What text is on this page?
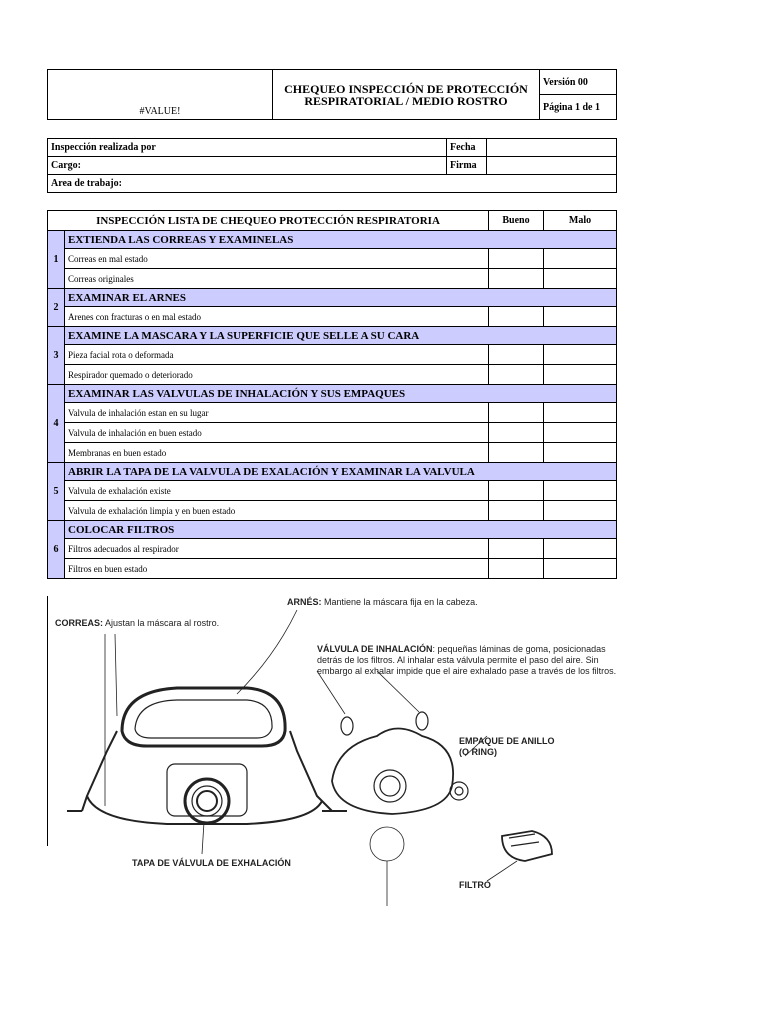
#VALUE!	
CHEQUEO INSPECCIÓN DE PROTECCIÓN
RESPIRATORIAL / MEDIO ROSTRO
	Versión 00
Página 1 de 1
Inspección realizada por	Fecha	
Cargo:	Firma	
Area de trabajo:		
INSPECCIÓN LISTA DE CHEQUEO PROTECCIÓN RESPIRATORIA		Bueno	Malo
1	EXTIENDA LAS CORREAS Y EXAMINELAS		
	Correas en mal estado		
	Correas originales		
2	EXAMINAR EL ARNES		
	Arenes con fracturas o en mal estado		
3	EXAMINE LA MASCARA Y LA SUPERFICIE QUE SELLE A SU CARA		
	Pieza facial rota o deformada		
	Respirador quemado o deteriorado		
4	EXAMINAR LAS VALVULAS DE INHALACIÓN Y SUS EMPAQUES		
	Valvula de inhalación estan en su lugar		
	Valvula de inhalación en buen estado		
	Membranas en buen estado		
5	ABRIR LA TAPA DE LA VALVULA DE EXALACIÓN Y EXAMINAR LA VALVULA		
	Valvula de exhalación existe		
	Valvula de exhalación limpia y en buen estado		
6	COLOCAR FILTROS		
	Filtros adecuados al respirador		
	Filtros en buen estado		
ARNÉS: Mantiene la máscara fija en la cabeza.
CORREAS: Ajustan la máscara al rostro.
VÁLVULA DE INHALACIÓN: pequeñas láminas de goma, posicionadas detrás de los filtros. Al inhalar esta válvula permite el paso del aire. Sin embargo al exhalar impide que el aire exhalado pase a través de los filtros.
EMPAQUE DE ANILLO
(O RING)
TAPA DE VÁLVULA DE EXHALACIÓN
FILTRO
